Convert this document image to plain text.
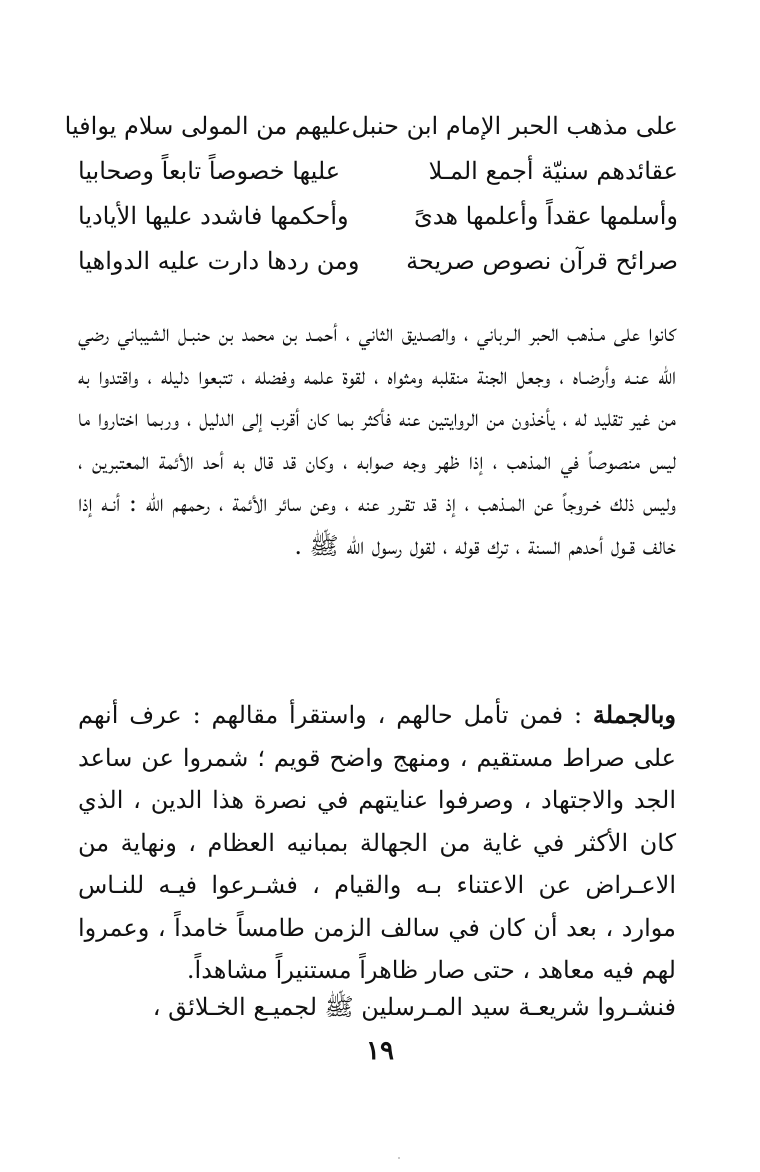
على مذهب الحبر الإمام ابن حنبل
عليهم من المولى سلام يوافيا
عقائدهم سنيّة أجمع المـلا
عليها خصوصاً تابعاً وصحابيا
وأسلمها عقداً وأعلمها هدىً
وأحكمها فاشدد عليها الأياديا
صرائح قرآن نصوص صريحة
ومن ردها دارت عليه الدواهيا

كانوا على مـذهب الحبر الـرباني ، والصـديق الثاني ، أحمـد بن محمد بن حنبـل الشيباني رضي الله عنـه وأرضـاه ، وجعل الجنة منقلبه ومثواه ، لقوة علمه وفضله ، تتبعوا دليله ، واقتدوا به من غير تقليد له ، يأخذون من الروايتين عنه فأكثر بما كان أقرب إلى الدليل ، وربما اختاروا ما ليس منصوصاً في المذهب ، إذا ظهر وجه صوابه ، وكان قد قال به أحد الأئمة المعتبرين ، وليس ذلك خـروجاً عن المـذهب ، إذ قد تقـرر عنه ، وعن سائر الأئمة ، رحمهم الله : أنـه إذا خالف قـول أحدهم السنة ، ترك قوله ، لقول رسول الله ﷺ .

وبالجملة : فمن تأمل حالهم ، واستقرأ مقالهم : عرف أنهم على صراط مستقيم ، ومنهج واضح قويم ؛ شمروا عن ساعد الجد والاجتهاد ، وصرفوا عنايتهم في نصرة هذا الدين ، الذي كان الأكثر في غاية من الجهالة بمبانيه العظام ، ونهاية من الاعـراض عن الاعتناء بـه والقيام ، فشـرعوا فيـه للنـاس موارد ، بعد أن كان في سالف الزمن طامساً خامداً ، وعمروا لهم فيه معاهد ، حتى صار ظاهراً مستنيراً مشاهداً.

فنشـروا شريعـة سيد المـرسلين ﷺ لجميـع الخـلائق ،

١٩
